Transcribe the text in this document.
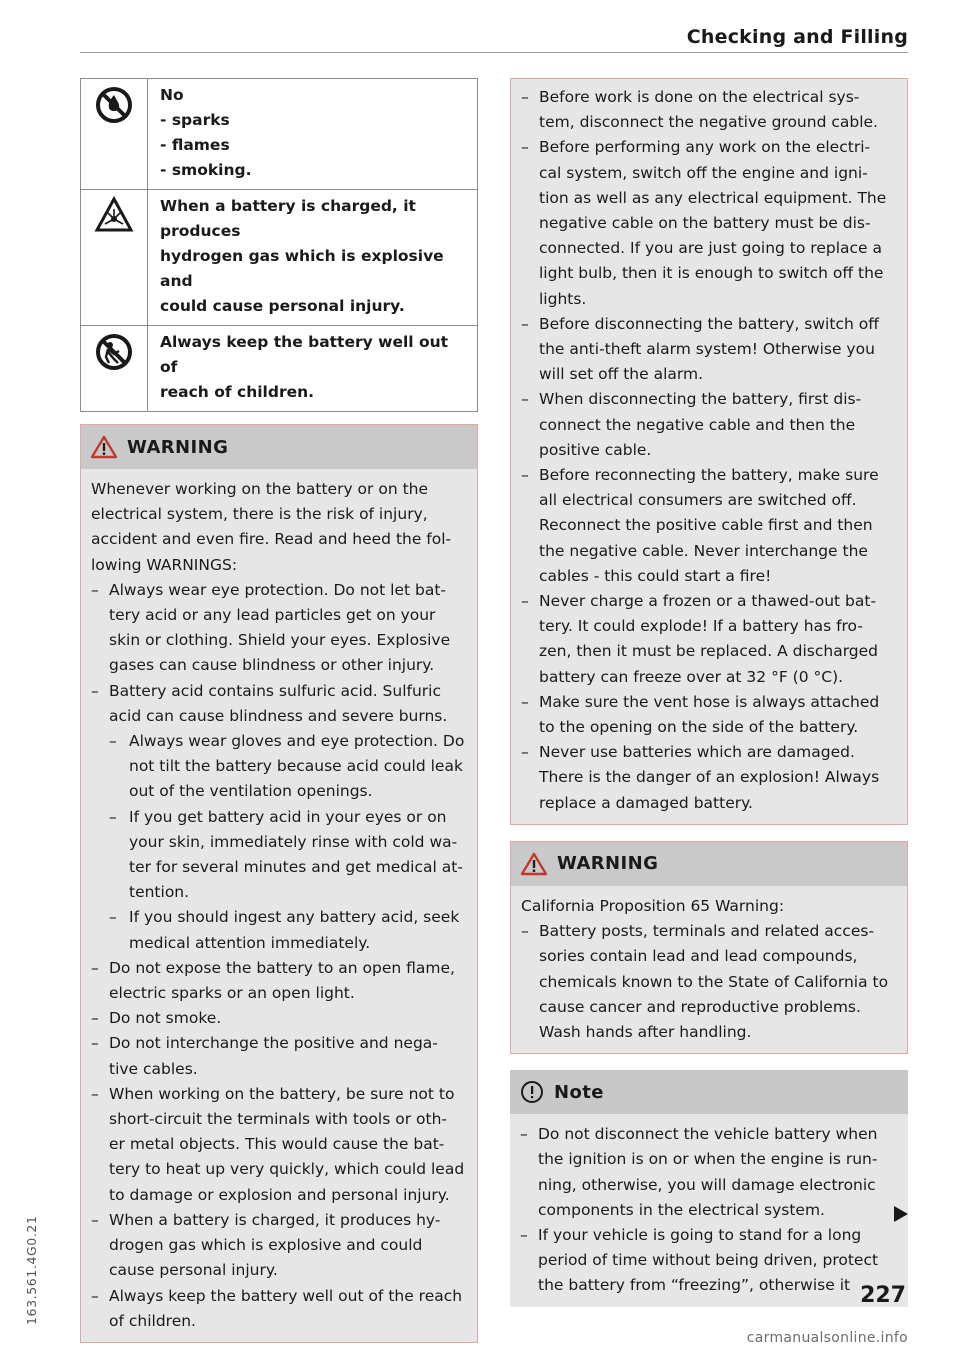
Checking and Filling

No
- sparks
- flames
- smoking.

When a battery is charged, it produces
hydrogen gas which is explosive and
could cause personal injury.

Always keep the battery well out of
reach of children.
WARNING

Whenever working on the battery or on the electrical system, there is the risk of injury, accident and even fire. Read and heed the fol- lowing WARNINGS:

– Always wear eye protection. Do not let bat- tery acid or any lead particles get on your skin or clothing. Shield your eyes. Explosive gases can cause blindness or other injury.
– Battery acid contains sulfuric acid. Sulfuric acid can cause blindness and severe burns.
– Always wear gloves and eye protection. Do not tilt the battery because acid could leak out of the ventilation openings.
– If you get battery acid in your eyes or on your skin, immediately rinse with cold wa- ter for several minutes and get medical at- tention.
– If you should ingest any battery acid, seek medical attention immediately.
– Do not expose the battery to an open flame, electric sparks or an open light.
– Do not smoke.
– Do not interchange the positive and nega- tive cables.
– When working on the battery, be sure not to short-circuit the terminals with tools or oth- er metal objects. This would cause the bat- tery to heat up very quickly, which could lead to damage or explosion and personal injury.
– When a battery is charged, it produces hy- drogen gas which is explosive and could cause personal injury.
– Always keep the battery well out of the reach of children.
– Before work is done on the electrical sys- tem, disconnect the negative ground cable.
– Before performing any work on the electri- cal system, switch off the engine and igni- tion as well as any electrical equipment. The negative cable on the battery must be dis- connected. If you are just going to replace a light bulb, then it is enough to switch off the lights.
– Before disconnecting the battery, switch off the anti-theft alarm system! Otherwise you will set off the alarm.
– When disconnecting the battery, first dis- connect the negative cable and then the positive cable.
– Before reconnecting the battery, make sure all electrical consumers are switched off. Reconnect the positive cable first and then the negative cable. Never interchange the cables - this could start a fire!
– Never charge a frozen or a thawed-out bat- tery. It could explode! If a battery has fro- zen, then it must be replaced. A discharged battery can freeze over at 32 °F (0 °C).
– Make sure the vent hose is always attached to the opening on the side of the battery.
– Never use batteries which are damaged. There is the danger of an explosion! Always replace a damaged battery.
WARNING

California Proposition 65 Warning:

– Battery posts, terminals and related acces- sories contain lead and lead compounds, chemicals known to the State of California to cause cancer and reproductive problems. Wash hands after handling.
Note
– Do not disconnect the vehicle battery when the ignition is on or when the engine is run- ning, otherwise, you will damage electronic components in the electrical system.
– If your vehicle is going to stand for a long period of time without being driven, protect the battery from “freezing”, otherwise it
163.561.4G0.21	227

carmanualsonline.info
